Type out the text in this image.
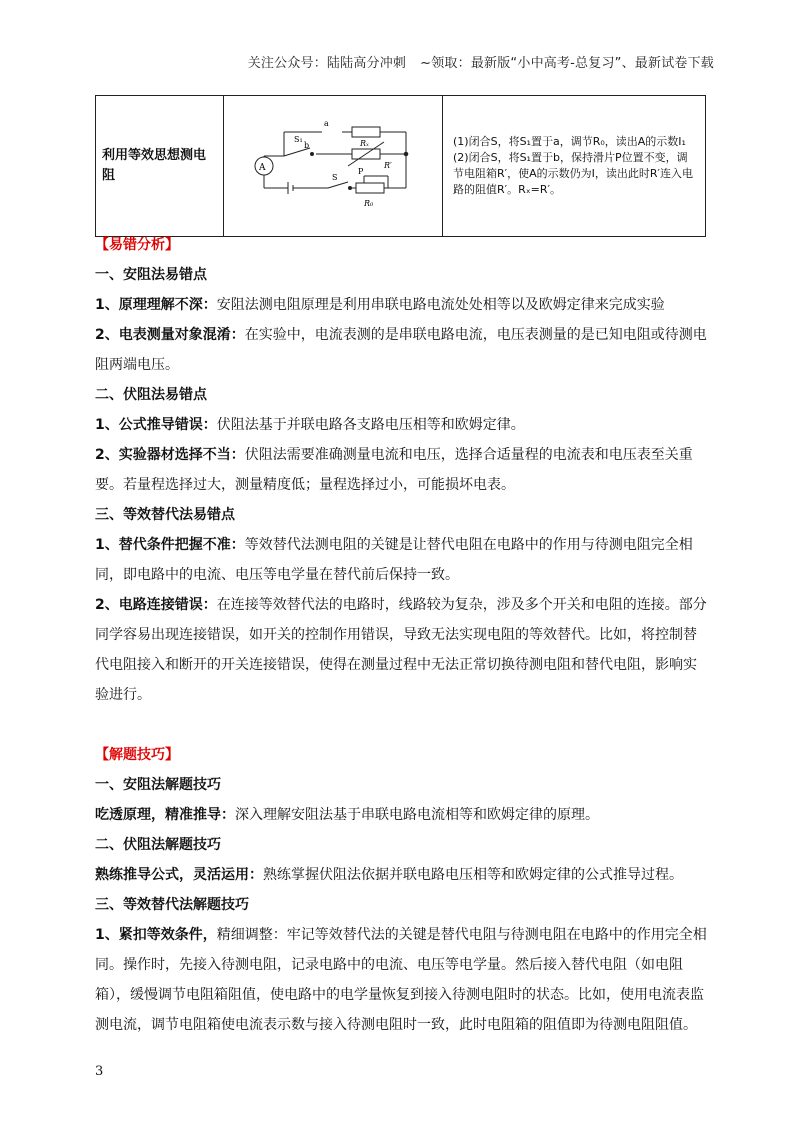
关注公众号：陆陆高分冲刺 ~领取：最新版“小中高考-总复习”、最新试卷下载
利用等效思想测电阻	A
a
b
S₁
S
Rₓ
R′
P
R₀

(1)闭合S，将S₁置于a，调节R₀，读出A的示数I₁

(2)闭合S，将S₁置于b，保持滑片P位置不变，调节电阻箱R′，使A的示数仍为I，读出此时R′连入电路的阻值R′。Rₓ=R′。

【易错分析】

一、安阻法易错点

1、原理理解不深：安阻法测电阻原理是利用串联电路电流处处相等以及欧姆定律来完成实验

2、电表测量对象混淆：在实验中，电流表测的是串联电路电流，电压表测量的是已知电阻或待测电阻两端电压。

二、伏阻法易错点

1、公式推导错误：伏阻法基于并联电路各支路电压相等和欧姆定律。

2、实验器材选择不当：伏阻法需要准确测量电流和电压，选择合适量程的电流表和电压表至关重要。若量程选择过大，测量精度低；量程选择过小，可能损坏电表。

三、等效替代法易错点

1、替代条件把握不准：等效替代法测电阻的关键是让替代电阻在电路中的作用与待测电阻完全相同，即电路中的电流、电压等电学量在替代前后保持一致。

2、电路连接错误：在连接等效替代法的电路时，线路较为复杂，涉及多个开关和电阻的连接。部分同学容易出现连接错误，如开关的控制作用错误，导致无法实现电阻的等效替代。比如，将控制替代电阻接入和断开的开关连接错误，使得在测量过程中无法正常切换待测电阻和替代电阻，影响实验进行。

【解题技巧】

一、安阻法解题技巧

吃透原理，精准推导：深入理解安阻法基于串联电路电流相等和欧姆定律的原理。

二、伏阻法解题技巧

熟练推导公式，灵活运用：熟练掌握伏阻法依据并联电路电压相等和欧姆定律的公式推导过程。

三、等效替代法解题技巧

1、紧扣等效条件，精细调整：牢记等效替代法的关键是替代电阻与待测电阻在电路中的作用完全相同。操作时，先接入待测电阻，记录电路中的电流、电压等电学量。然后接入替代电阻（如电阻箱），缓慢调节电阻箱阻值，使电路中的电学量恢复到接入待测电阻时的状态。比如，使用电流表监测电流，调节电阻箱使电流表示数与接入待测电阻时一致，此时电阻箱的阻值即为待测电阻阻值。

3
